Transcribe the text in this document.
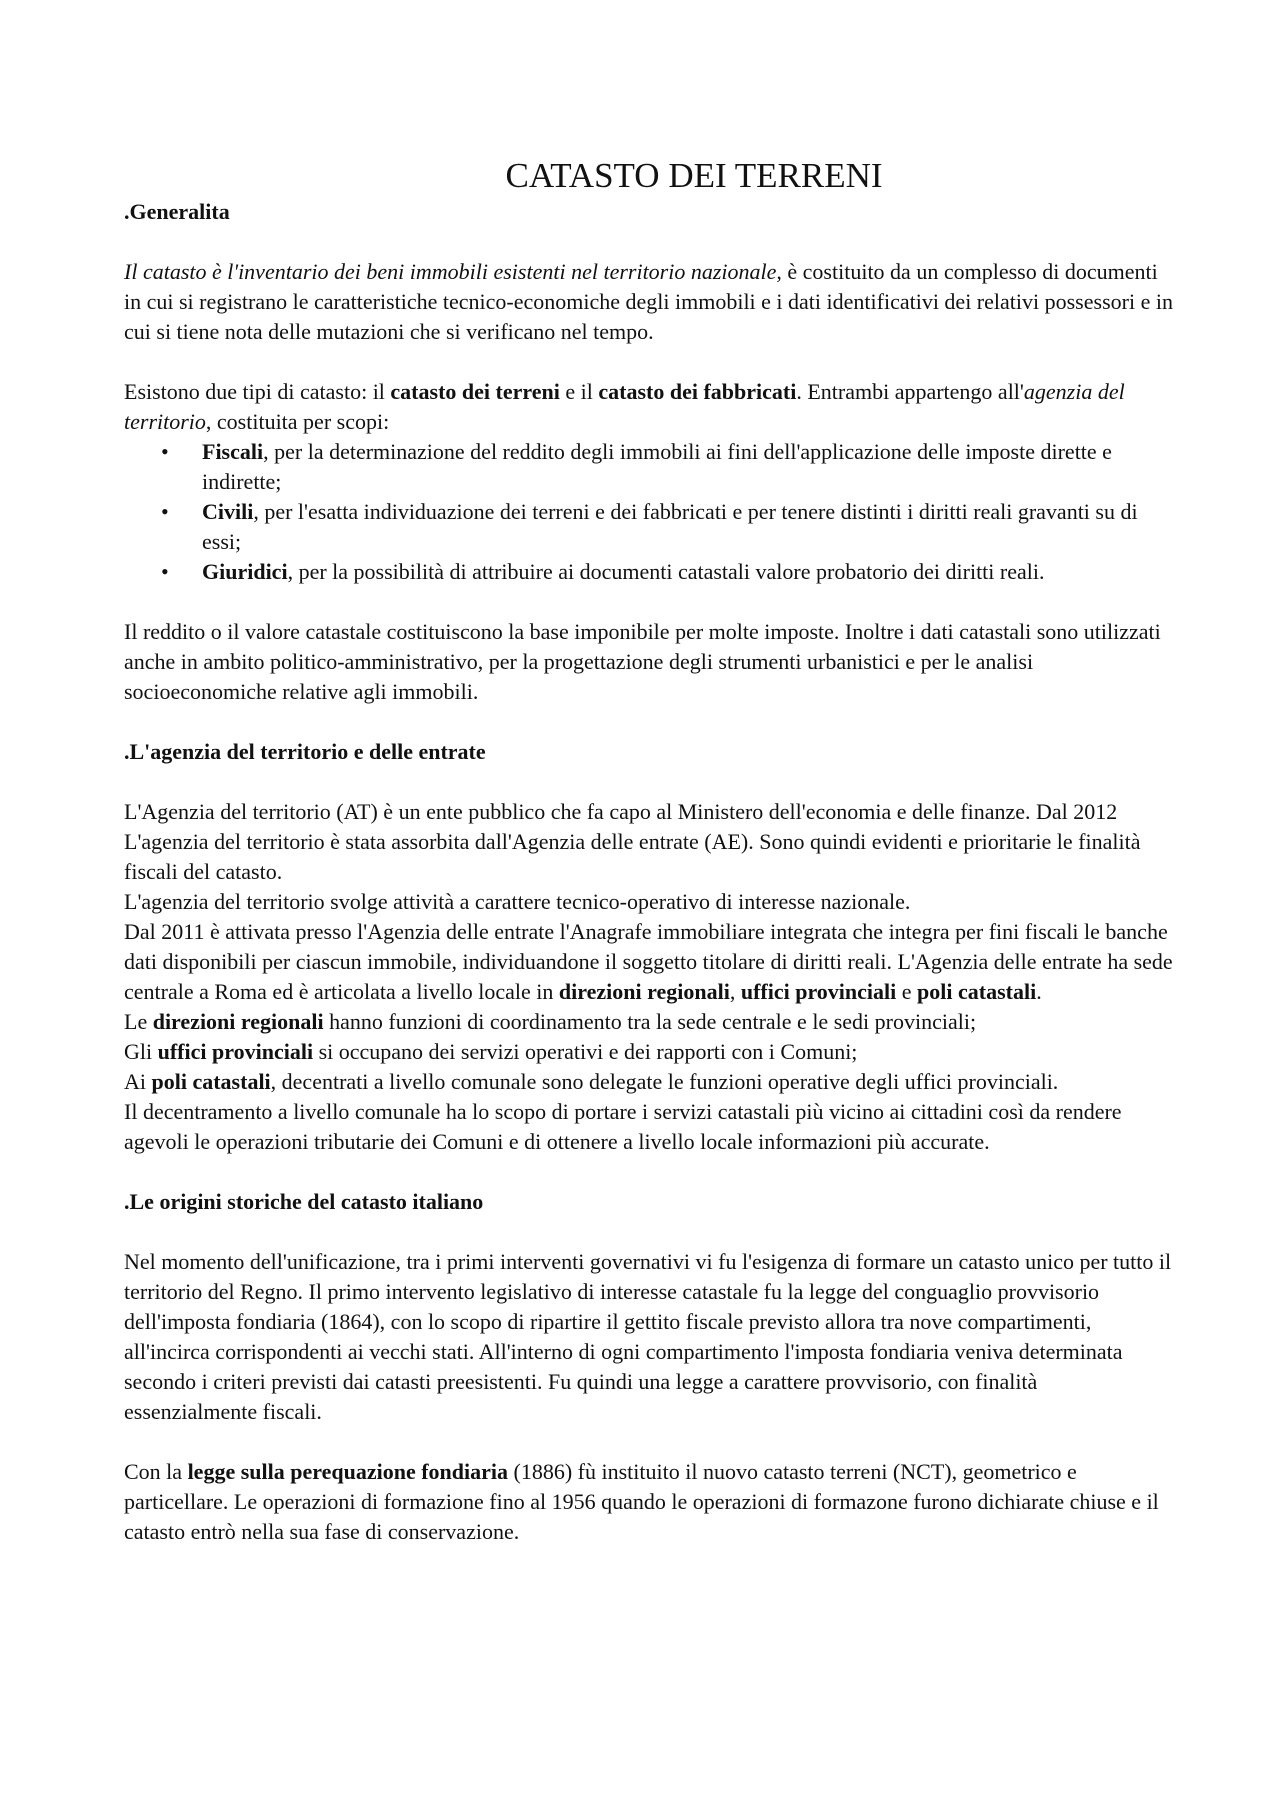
CATASTO DEI TERRENI
.Generalita

Il catasto è l'inventario dei beni immobili esistenti nel territorio nazionale, è costituito da un complesso di documenti in cui si registrano le caratteristiche tecnico-economiche degli immobili e i dati identificativi dei relativi possessori e in cui si tiene nota delle mutazioni che si verificano nel tempo.

Esistono due tipi di catasto: il catasto dei terreni e il catasto dei fabbricati. Entrambi appartengo all'agenzia del territorio, costituita per scopi:

• Fiscali, per la determinazione del reddito degli immobili ai fini dell'applicazione delle imposte dirette e indirette;
• Civili, per l'esatta individuazione dei terreni e dei fabbricati e per tenere distinti i diritti reali gravanti su di essi;
• Giuridici, per la possibilità di attribuire ai documenti catastali valore probatorio dei diritti reali.

Il reddito o il valore catastale costituiscono la base imponibile per molte imposte. Inoltre i dati catastali sono utilizzati anche in ambito politico-amministrativo, per la progettazione degli strumenti urbanistici e per le analisi socioeconomiche relative agli immobili.

.L'agenzia del territorio e delle entrate

L'Agenzia del territorio (AT) è un ente pubblico che fa capo al Ministero dell'economia e delle finanze. Dal 2012 L'agenzia del territorio è stata assorbita dall'Agenzia delle entrate (AE). Sono quindi evidenti e prioritarie le finalità fiscali del catasto.

L'agenzia del territorio svolge attività a carattere tecnico-operativo di interesse nazionale.

Dal 2011 è attivata presso l'Agenzia delle entrate l'Anagrafe immobiliare integrata che integra per fini fiscali le banche dati disponibili per ciascun immobile, individuandone il soggetto titolare di diritti reali. L'Agenzia delle entrate ha sede centrale a Roma ed è articolata a livello locale in direzioni regionali, uffici provinciali e poli catastali.

Le direzioni regionali hanno funzioni di coordinamento tra la sede centrale e le sedi provinciali;

Gli uffici provinciali si occupano dei servizi operativi e dei rapporti con i Comuni;

Ai poli catastali, decentrati a livello comunale sono delegate le funzioni operative degli uffici provinciali.

Il decentramento a livello comunale ha lo scopo di portare i servizi catastali più vicino ai cittadini così da rendere agevoli le operazioni tributarie dei Comuni e di ottenere a livello locale informazioni più accurate.

.Le origini storiche del catasto italiano

Nel momento dell'unificazione, tra i primi interventi governativi vi fu l'esigenza di formare un catasto unico per tutto il territorio del Regno. Il primo intervento legislativo di interesse catastale fu la legge del conguaglio provvisorio dell'imposta fondiaria (1864), con lo scopo di ripartire il gettito fiscale previsto allora tra nove compartimenti, all'incirca corrispondenti ai vecchi stati. All'interno di ogni compartimento l'imposta fondiaria veniva determinata secondo i criteri previsti dai catasti preesistenti. Fu quindi una legge a carattere provvisorio, con finalità essenzialmente fiscali.

Con la legge sulla perequazione fondiaria (1886) fù instituito il nuovo catasto terreni (NCT), geometrico e particellare. Le operazioni di formazione fino al 1956 quando le operazioni di formazone furono dichiarate chiuse e il catasto entrò nella sua fase di conservazione.
